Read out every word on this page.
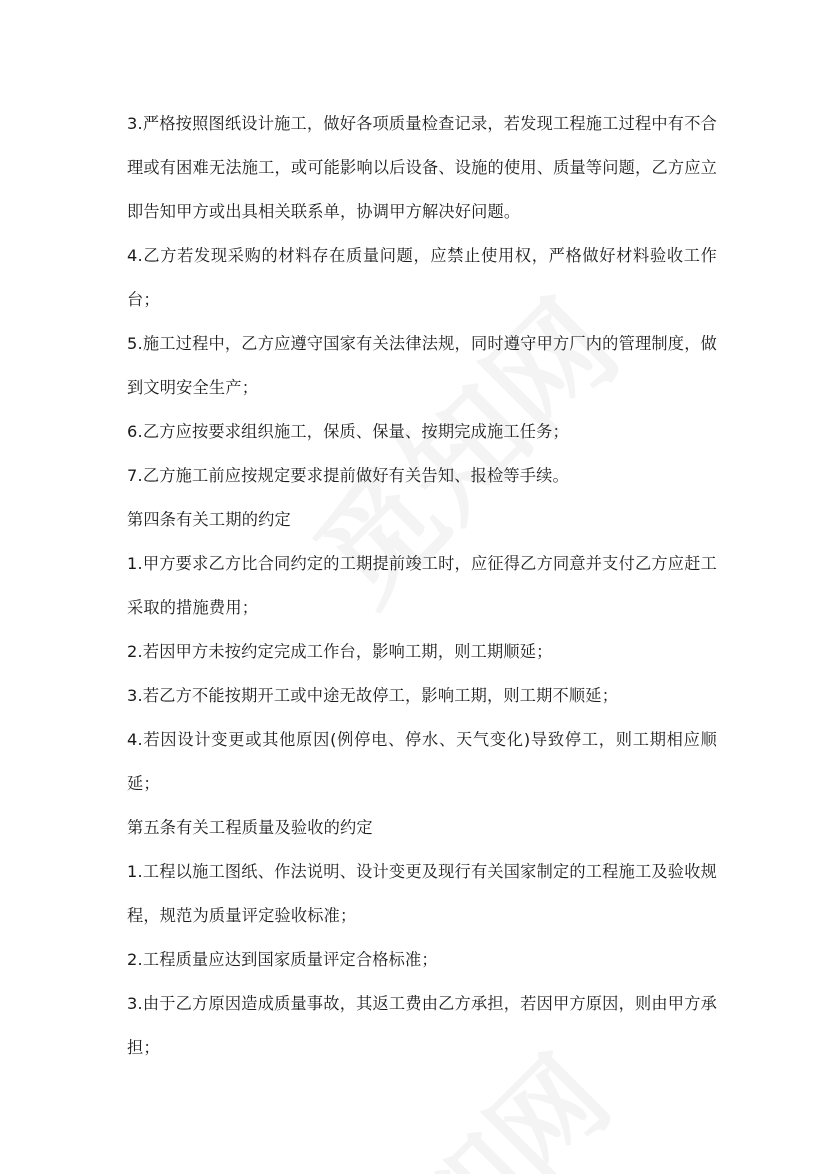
3.严格按照图纸设计施工，做好各项质量检查记录，若发现工程施工过程中有不合理或有困难无法施工，或可能影响以后设备、设施的使用、质量等问题，乙方应立即告知甲方或出具相关联系单，协调甲方解决好问题。

4.乙方若发现采购的材料存在质量问题，应禁止使用权，严格做好材料验收工作台；

5.施工过程中，乙方应遵守国家有关法律法规，同时遵守甲方厂内的管理制度，做到文明安全生产；

6.乙方应按要求组织施工，保质、保量、按期完成施工任务；

7.乙方施工前应按规定要求提前做好有关告知、报检等手续。

第四条有关工期的约定

1.甲方要求乙方比合同约定的工期提前竣工时，应征得乙方同意并支付乙方应赶工采取的措施费用；

2.若因甲方未按约定完成工作台，影响工期，则工期顺延；

3.若乙方不能按期开工或中途无故停工，影响工期，则工期不顺延；

4.若因设计变更或其他原因(例停电、停水、天气变化)导致停工，则工期相应顺延；

第五条有关工程质量及验收的约定

1.工程以施工图纸、作法说明、设计变更及现行有关国家制定的工程施工及验收规程，规范为质量评定验收标准；

2.工程质量应达到国家质量评定合格标准；

3.由于乙方原因造成质量事故，其返工费由乙方承担，若因甲方原因，则由甲方承担；
